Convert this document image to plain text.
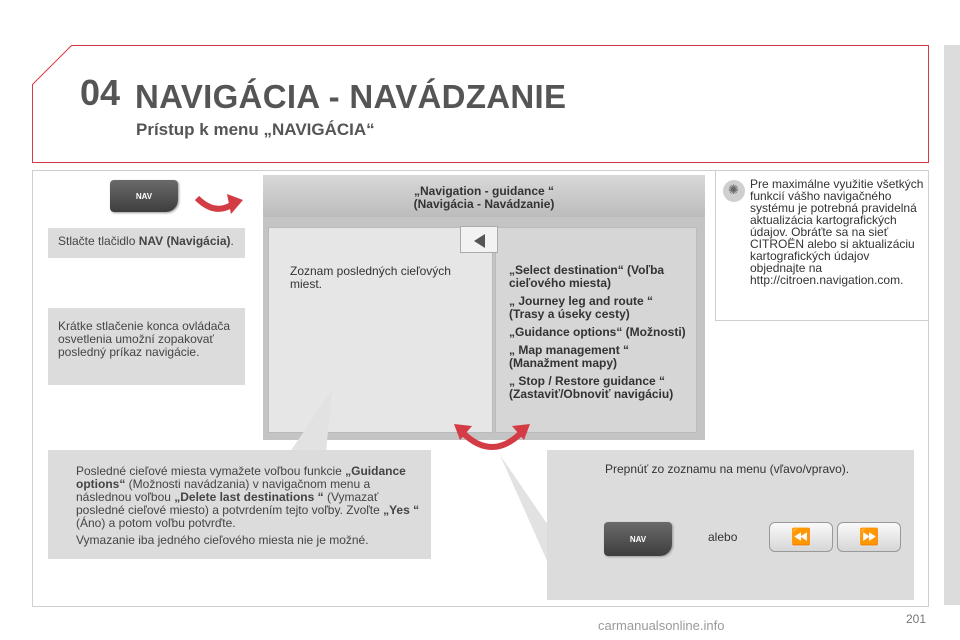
04 NAVIGÁCIA - NAVÁDZANIE
Prístup k menu „NAVIGÁCIA“
NAV
Stlačte tlačidlo NAV (Navigácia).
Krátke stlačenie konca ovládača osvetlenia umožní zopakovať posledný príkaz navigácie.
„Navigation - guidance “
(Navigácia - Navádzanie)
Zoznam posledných cieľových miest.
„Select destination“ (Voľba cieľového miesta)
„ Journey leg and route “ (Trasy a úseky cesty)
„Guidance options“ (Možnosti)
„ Map management “ (Manažment mapy)
„ Stop / Restore guidance “ (Zastaviť/Obnoviť navigáciu)
✺
Pre maximálne využitie všetkých funkcií vášho navigačného systému je potrebná pravidelná aktualizácia kartografických údajov. Obráťte sa na sieť CITROËN alebo si aktualizáciu kartografických údajov objednajte na http://citroen.navigation.com.

Posledné cieľové miesta vymažete voľbou funkcie „Guidance options“ (Možnosti navádzania) v navigačnom menu a následnou voľbou „Delete last destinations “ (Vymazať posledné cieľové miesto) a potvrdením tejto voľby. Zvoľte „Yes “ (Áno) a potom voľbu potvrďte.

Vymazanie iba jedného cieľového miesta nie je možné.

Prepnúť zo zoznamu na menu (vľavo/vpravo).
NAV	alebo	⏪	⏩
201
carmanualsonline.info
